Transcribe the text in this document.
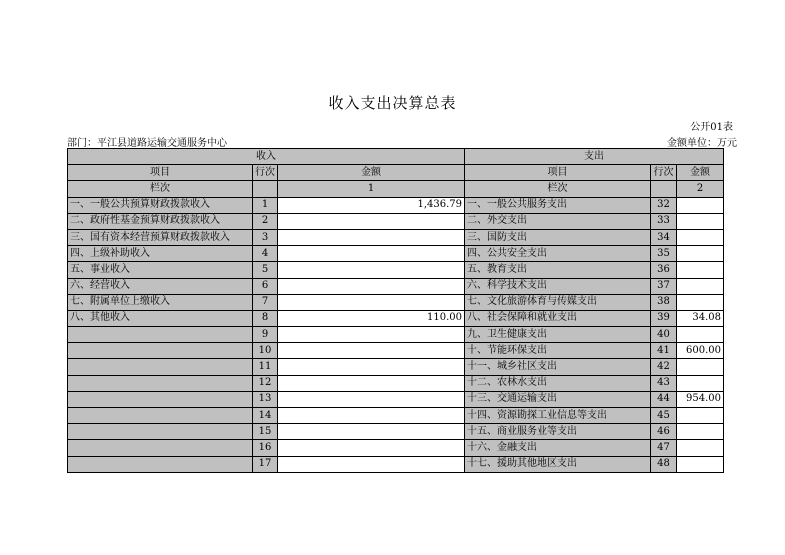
收入支出决算总表
公开01表
部门：平江县道路运输交通服务中心	金额单位：万元
收入			支出		
项目	行次	金额	项目	行次	金额
栏次		1	栏次		2
一、一般公共预算财政拨款收入	1	1,436.79	一、一般公共服务支出	32	
二、政府性基金预算财政拨款收入	2		二、外交支出	33	
三、国有资本经营预算财政拨款收入	3		三、国防支出	34	
四、上级补助收入	4		四、公共安全支出	35	
五、事业收入	5		五、教育支出	36	
六、经营收入	6		六、科学技术支出	37	
七、附属单位上缴收入	7		七、文化旅游体育与传媒支出	38	
八、其他收入	8	110.00	八、社会保障和就业支出	39	34.08
	9		九、卫生健康支出	40	
	10		十、节能环保支出	41	600.00
	11		十一、城乡社区支出	42	
	12		十二、农林水支出	43	
	13		十三、交通运输支出	44	954.00
	14		十四、资源勘探工业信息等支出	45	
	15		十五、商业服务业等支出	46	
	16		十六、金融支出	47	
	17		十七、援助其他地区支出	48	
